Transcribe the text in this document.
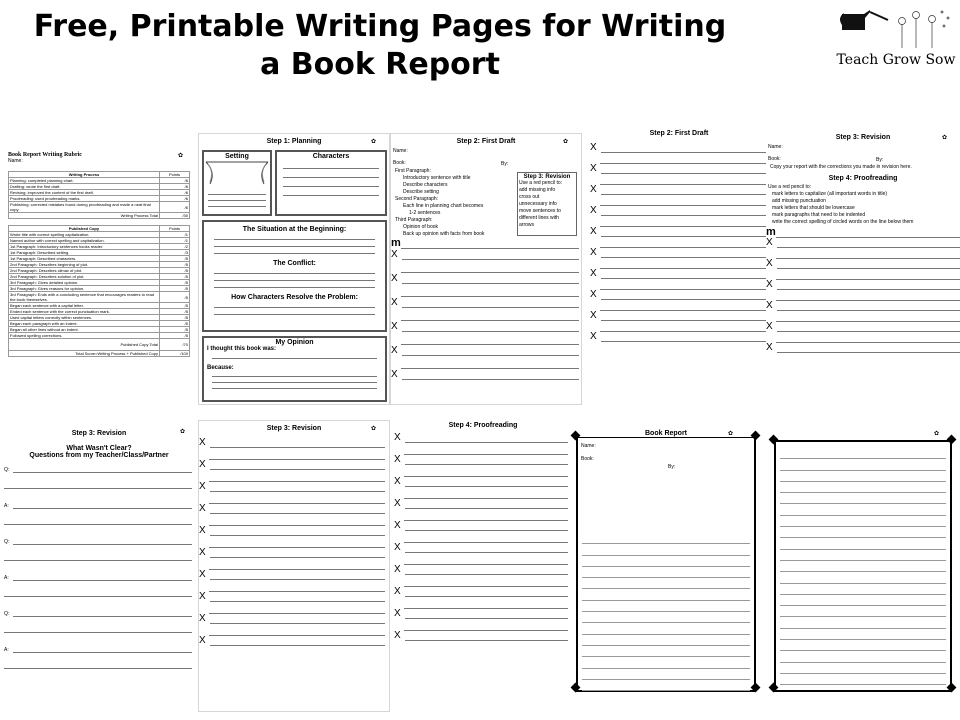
Free, Printable Writing Pages for Writing
a Book Report	Teach Grow Sow
Book Report Writing Rubric
Name:
✿
Writing Process	Points
Planning: completed planning chart.	/6
Drafting: wrote the first draft.	/6
Revising: improved the content of the first draft.	/6
Proofreading: used proofreading marks.	/6
Publishing: corrected mistakes found during proofreading and made a neat final copy.	/6
Writing Process Total	/30
Published Copy	Points
Wrote title with correct spelling capitalization.	/1
Named author with correct spelling and capitalization.	/1
1st Paragraph: Introductory sentences hooks reader.	/2
1st Paragraph: Described setting.	/3
1st Paragraph: Described characters.	/5
2nd Paragraph: Describes beginning of plot.	/5
2nd Paragraph: Describes climax of plot.	/5
2nd Paragraph: Describes solution of plot.	/5
3rd Paragraph: Gives detailed opinion.	/5
3rd Paragraph: Gives reasons for opinion.	/5
3rd Paragraph: Ends with a concluding sentence that encourages readers to read the book themselves.	/5
Began each sentence with a capital letter.	/5
Ended each sentence with the correct punctuation mark.	/5
Used capital letters correctly within sentences.	/5
Began each paragraph with an indent.	/5
Began all other lines without an indent.	/5
Followed spelling corrections.	/5
Published Copy Total	/70
Total Score=Writing Process + Published Copy	/100
Step 1: Planning	✿
Setting	Characters
The Situation at the Beginning:
The Conflict:
How Characters Resolve the Problem:
My Opinion
I thought this book was:
Because:
Step 2: First Draft	✿
Name:
Book:	By:
First Paragraph:
Introductory sentence with title
Describe characters
Describe setting
Second Paragraph:
Each line in planning chart becomes
1-2 sentences
Third Paragraph:
Opinion of book
Back up opinion with facts from book
Step 3: Revision
Use a red pencil to:
add missing info
cross out
unnecessary info
move sentences to
different lines with
arrows
m
X
X
X
X
X
X
Step 2: First Draft
X
X
X
X
X
X
X
X
X
X
Step 3: Revision	✿
Name:
Book:	By:
Copy your report with the corrections you made in revision here.
Step 4: Proofreading
Use a red pencil to:
mark letters to capitalize (all important words in title)
add missing punctuation
mark letters that should be lowercase
mark paragraphs that need to be indented
write the correct spelling of circled words on the line below them
m
X
X
X
X
X
X
Step 3: Revision	✿
What Wasn't Clear?
Questions from my Teacher/Class/Partner
Q:
A:
Q:
A:
Q:
A:
Step 3: Revision	✿
X
X
X
X
X
X
X
X
X
X
Step 4: Proofreading
X
X
X
X
X
X
X
X
X
X
Book Report
Name:
Book:
By:
✿	✿
